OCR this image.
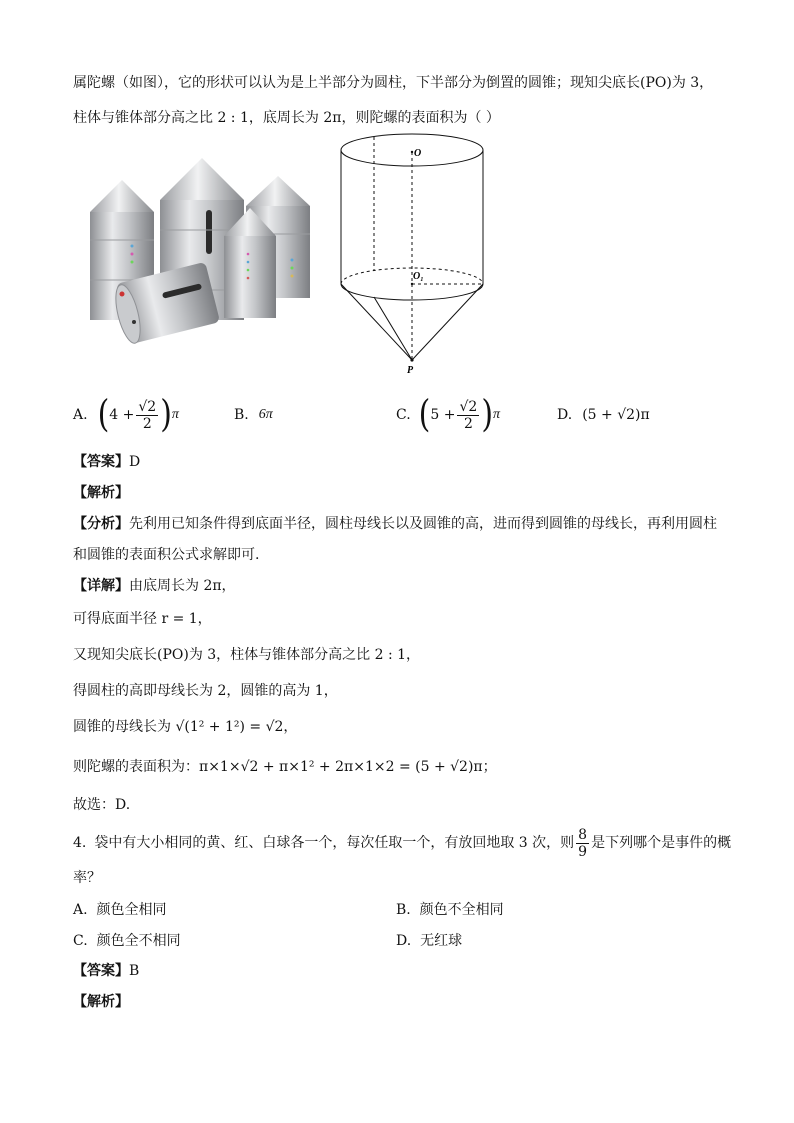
属陀螺（如图），它的形状可以认为是上半部分为圆柱，下半部分为倒置的圆锥；现知尖底长(PO)为 3，
柱体与锥体部分高之比 2 : 1，底周长为 2π，则陀螺的表面积为（ ）
O
O₁
P
A. ( $4 + \frac{√2}{2}$ ) π	B. 6π	C. ( $5 + \frac{√2}{2}$ ) π	D. (5 + √2)π
【答案】D
【解析】
【分析】先利用已知条件得到底面半径，圆柱母线长以及圆锥的高，进而得到圆锥的母线长，再利用圆柱
和圆锥的表面积公式求解即可.
【详解】由底周长为 2π，
可得底面半径 r = 1，
又现知尖底长(PO)为 3，柱体与锥体部分高之比 2 : 1，
得圆柱的高即母线长为 2，圆锥的高为 1，
圆锥的母线长为 √(1² + 1²) = √2，
则陀螺的表面积为：π×1×√2 + π×1² + 2π×1×2 = (5 + √2)π；
故选：D.
4. 袋中有大小相同的黄、红、白球各一个，每次任取一个，有放回地取 3 次，则 $\frac{8}{9}$ 是下列哪个是事件的概
率？
A. 颜色全相同	B. 颜色不全相同
C. 颜色全不相同	D. 无红球
【答案】B
【解析】
